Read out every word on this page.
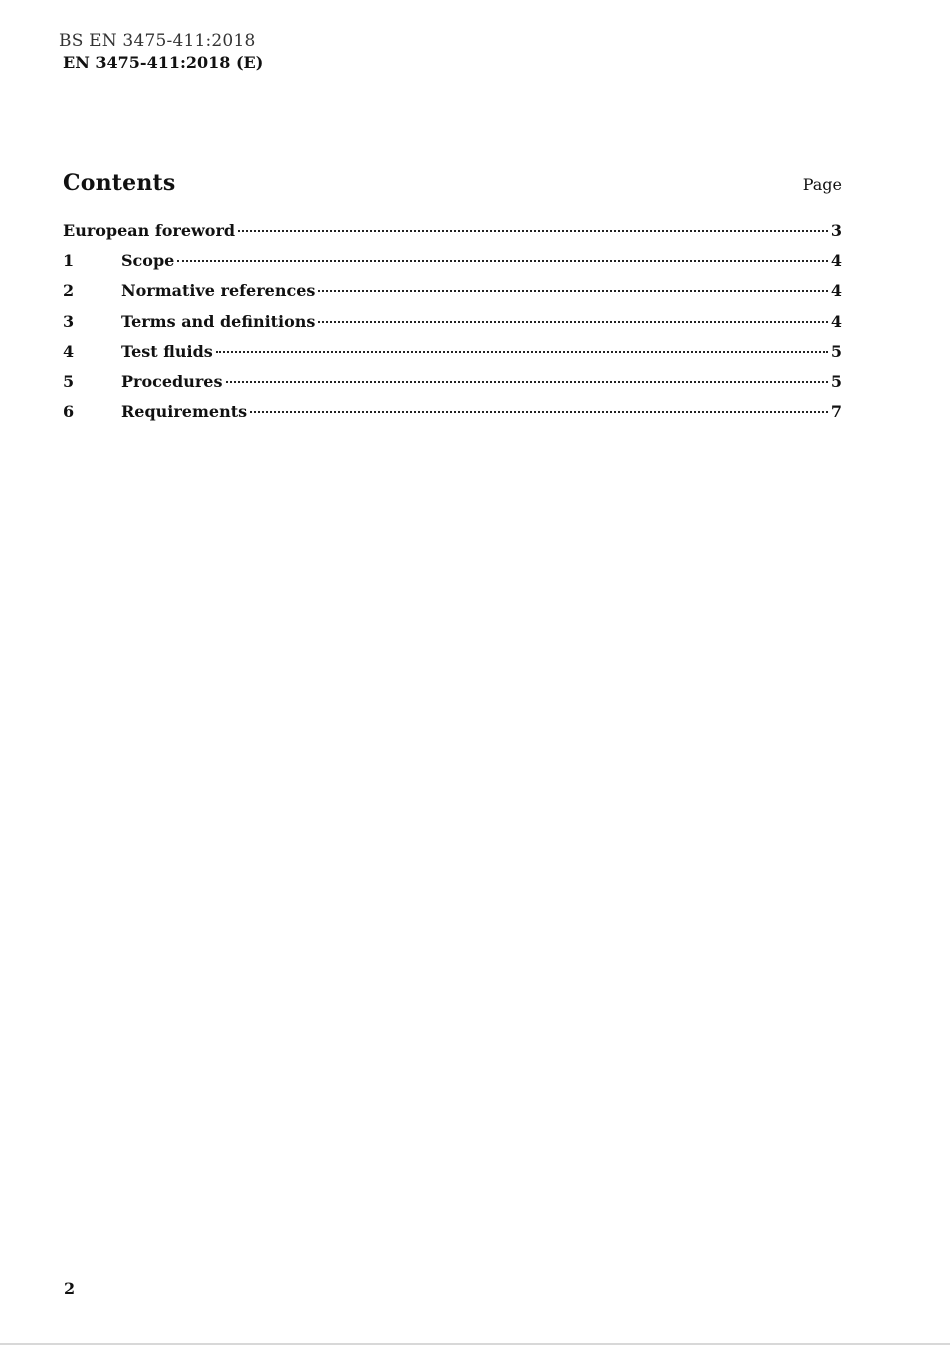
BS EN 3475-411:2018
EN 3475-411:2018 (E)
Contents	Page
European foreword	3
1	Scope	4
2	Normative references	4
3	Terms and definitions	4
4	Test fluids	5
5	Procedures	5
6	Requirements	7
2
